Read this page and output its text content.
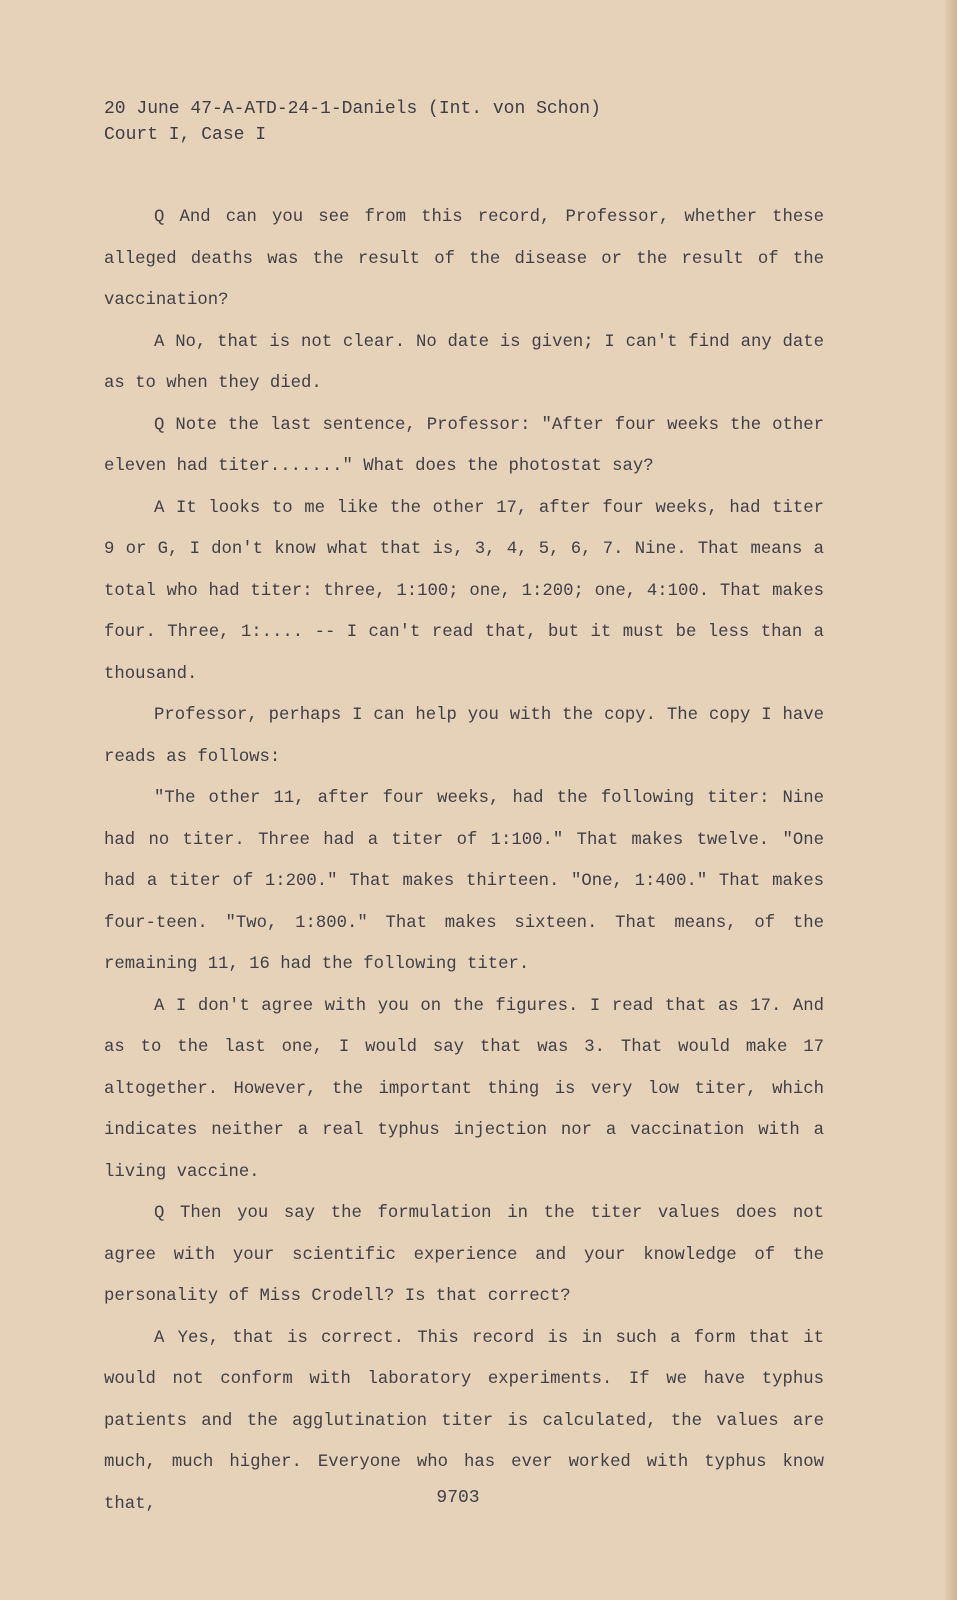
20 June 47-A-ATD-24-1-Daniels (Int. von Schon)
Court I, Case I

Q And can you see from this record, Professor, whether these alleged deaths was the result of the disease or the result of the vaccination?

A No, that is not clear. No date is given; I can't find any date as to when they died.

Q Note the last sentence, Professor: "After four weeks the other eleven had titer......." What does the photostat say?

A It looks to me like the other 17, after four weeks, had titer 9 or G, I don't know what that is, 3, 4, 5, 6, 7. Nine. That means a total who had titer: three, 1:100; one, 1:200; one, 4:100. That makes four. Three, 1:.... -- I can't read that, but it must be less than a thousand.

Professor, perhaps I can help you with the copy. The copy I have reads as follows:

"The other 11, after four weeks, had the following titer: Nine had no titer. Three had a titer of 1:100." That makes twelve. "One had a titer of 1:200." That makes thirteen. "One, 1:400." That makes four-teen. "Two, 1:800." That makes sixteen. That means, of the remaining 11, 16 had the following titer.

A I don't agree with you on the figures. I read that as 17. And as to the last one, I would say that was 3. That would make 17 altogether. However, the important thing is very low titer, which indicates neither a real typhus injection nor a vaccination with a living vaccine.

Q Then you say the formulation in the titer values does not agree with your scientific experience and your knowledge of the personality of Miss Crodell? Is that correct?

A Yes, that is correct. This record is in such a form that it would not conform with laboratory experiments. If we have typhus patients and the agglutination titer is calculated, the values are much, much higher. Everyone who has ever worked with typhus know that,	9703
